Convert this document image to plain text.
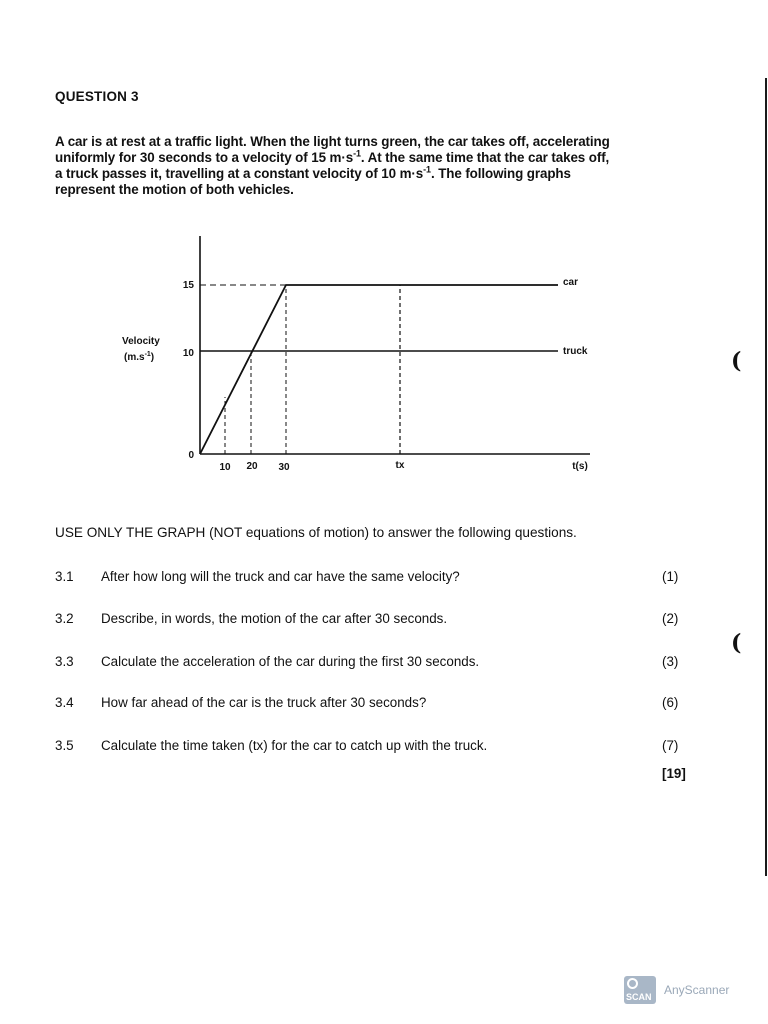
QUESTION 3
A car is at rest at a traffic light. When the light turns green, the car takes off, accelerating
uniformly for 30 seconds to a velocity of 15 $m\cdot s^{-1}$. At the same time that the car takes off,
a truck passes it, travelling at a constant velocity of 10 $m\cdot s^{-1}$. The following graphs
represent the motion of both vehicles.
15
10
0
Velocity
$(m.s^{-1})$
10 20 30	tx	t(s)
car
truck
USE ONLY THE GRAPH (NOT equations of motion) to answer the following questions.
3.1 After how long will the truck and car have the same velocity?	(1)
3.2 Describe, in words, the motion of the car after 30 seconds.	(2)
3.3 Calculate the acceleration of the car during the first 30 seconds.	(3)
3.4 How far ahead of the car is the truck after 30 seconds?	(6)
3.5 Calculate the time taken (tx) for the car to catch up with the truck.	(7)
[19]
(
(
SCAN AnyScanner
